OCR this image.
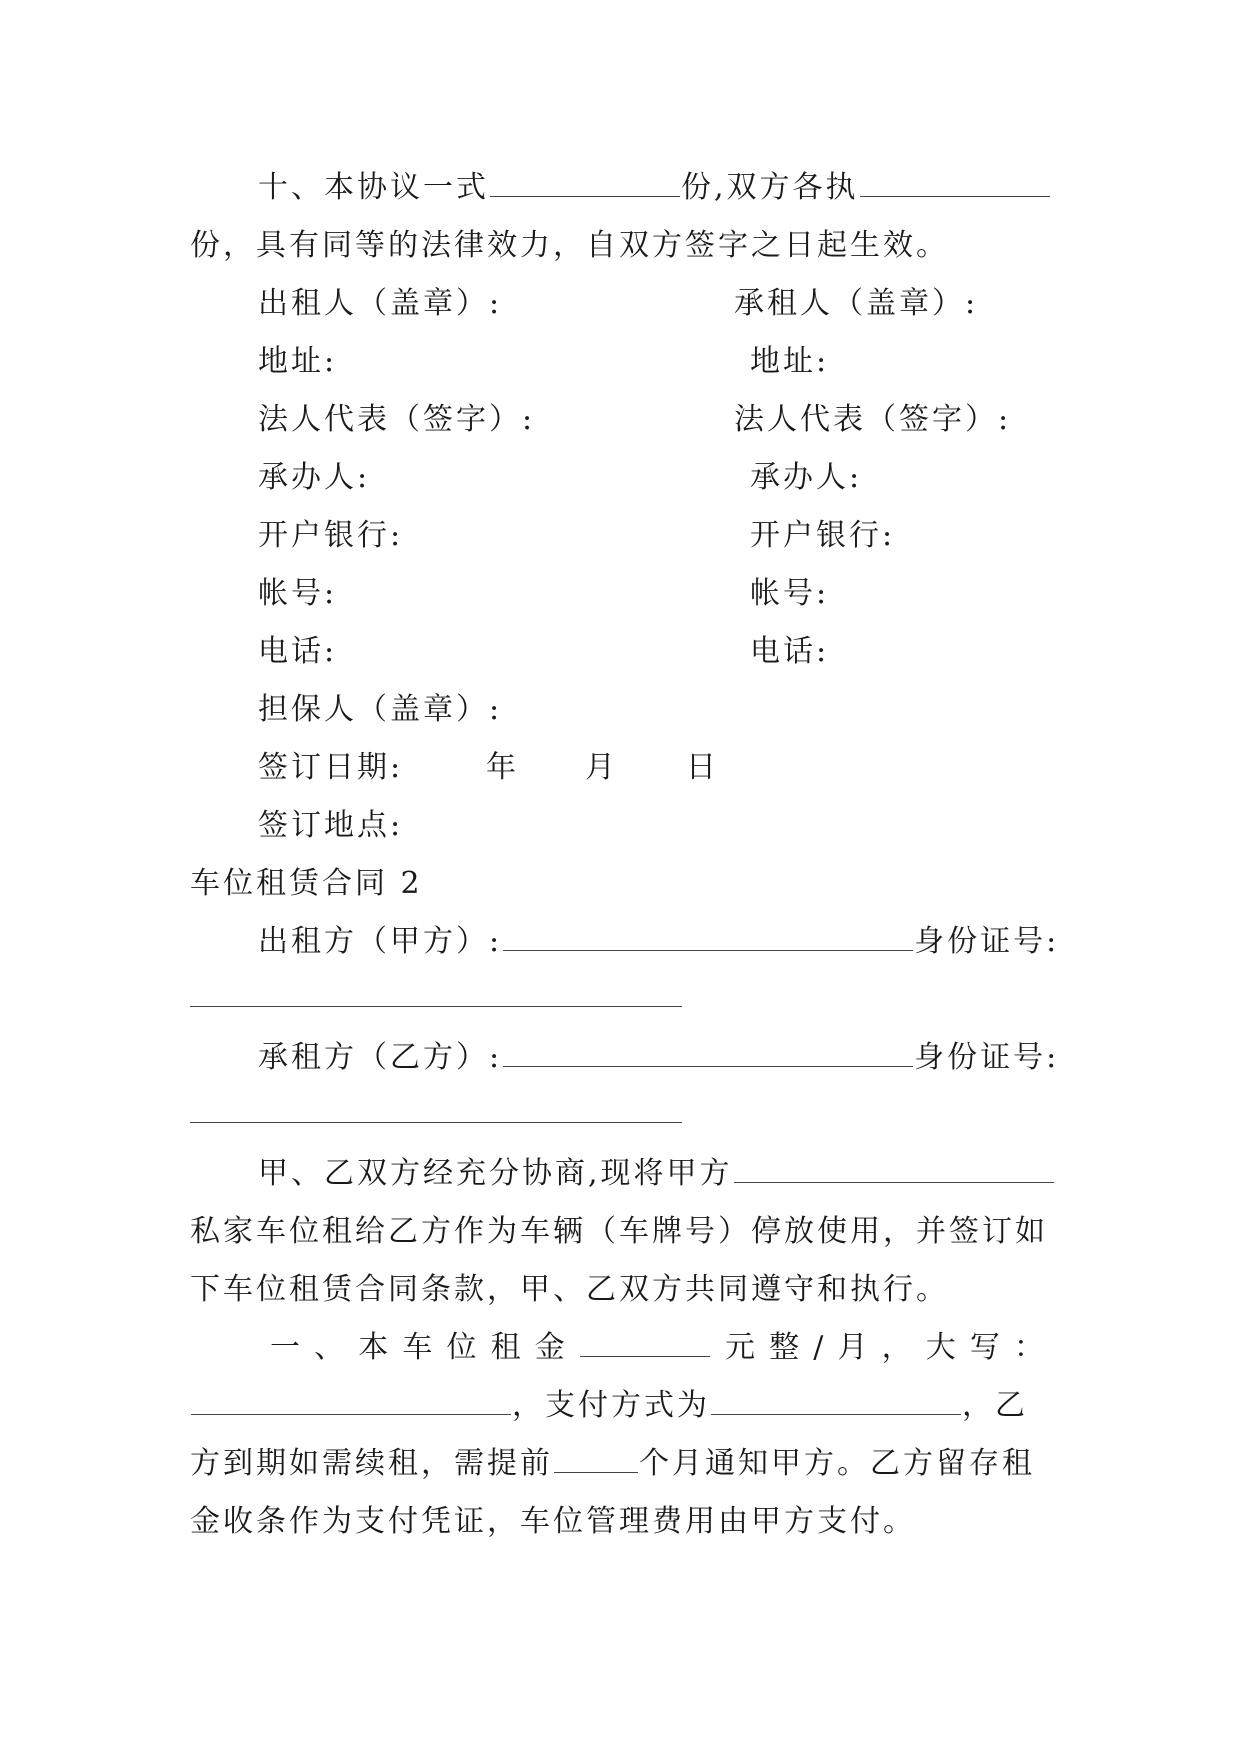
十、本协议一式	份,双方各执
份，具有同等的法律效力，自双方签字之日起生效。
出租人（盖章）:	承租人（盖章）:
地址:	地址:
法人代表（签字）:	法人代表（签字）:
承办人:	承办人:
开户银行:	开户银行:
帐号:	帐号:
电话:	电话:
担保人（盖章）:
签订日期:	年 月 日
签订地点:
车位租赁合同 2
出租方（甲方）:	身份证号:
承租方（乙方）:	身份证号:
甲、乙双方经充分协商,现将甲方
私家车位租给乙方作为车辆（车牌号）停放使用，并签订如
下车位租赁合同条款，甲、乙双方共同遵守和执行。
一 、 本 车 位 租 金	元 整 / 月 ， 大 写 ：
，支付方式为	，乙
方到期如需续租，需提前	个月通知甲方。乙方留存租
金收条作为支付凭证，车位管理费用由甲方支付。
